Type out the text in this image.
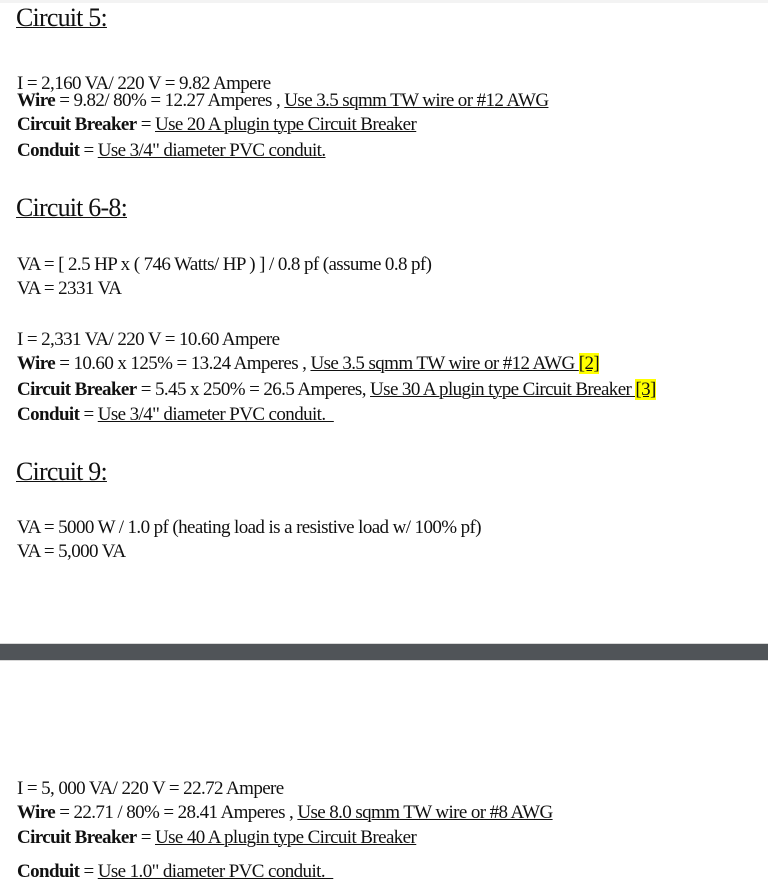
Circuit 5:
I = 2,160 VA/ 220 V = 9.82 Ampere
Wire = 9.82/ 80% = 12.27 Amperes , Use 3.5 sqmm TW wire or #12 AWG
Circuit Breaker = Use 20 A plugin type Circuit Breaker
Conduit = Use 3/4" diameter PVC conduit.
Circuit 6-8:
VA = [ 2.5 HP x ( 746 Watts/ HP ) ] / 0.8 pf (assume 0.8 pf)
VA = 2331 VA
I = 2,331 VA/ 220 V = 10.60 Ampere
Wire = 10.60 x 125% = 13.24 Amperes , Use 3.5 sqmm TW wire or #12 AWG [2]
Circuit Breaker = 5.45 x 250% = 26.5 Amperes, Use 30 A plugin type Circuit Breaker [3]
Conduit = Use 3/4" diameter PVC conduit.
Circuit 9:
VA = 5000 W / 1.0 pf (heating load is a resistive load w/ 100% pf)
VA = 5,000 VA
I = 5, 000 VA/ 220 V = 22.72 Ampere
Wire = 22.71 / 80% = 28.41 Amperes , Use 8.0 sqmm TW wire or #8 AWG
Circuit Breaker = Use 40 A plugin type Circuit Breaker
Conduit = Use 1.0" diameter PVC conduit.
